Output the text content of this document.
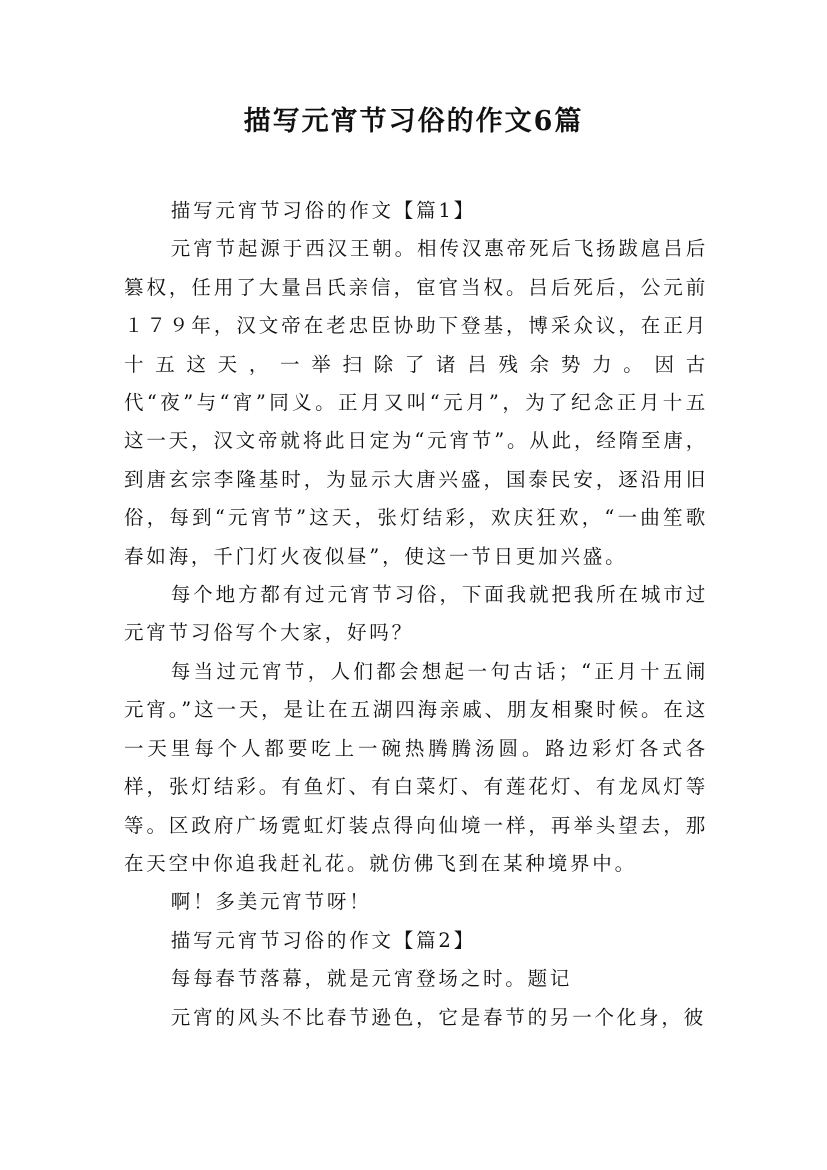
描写元宵节习俗的作文6篇

描写元宵节习俗的作文【篇1】

元宵节起源于西汉王朝。相传汉惠帝死后飞扬跋扈吕后篡权，任用了大量吕氏亲信，宦官当权。吕后死后，公元前１７９年，汉文帝在老忠臣协助下登基，博采众议，在正月十五这天，一举扫除了诸吕残余势力。因古代“夜”与“宵”同义。正月又叫“元月”，为了纪念正月十五这一天，汉文帝就将此日定为“元宵节”。从此，经隋至唐，到唐玄宗李隆基时，为显示大唐兴盛，国泰民安，逐沿用旧俗，每到“元宵节”这天，张灯结彩，欢庆狂欢，“一曲笙歌春如海，千门灯火夜似昼”，使这一节日更加兴盛。

每个地方都有过元宵节习俗，下面我就把我所在城市过元宵节习俗写个大家，好吗？

每当过元宵节，人们都会想起一句古话；“正月十五闹元宵。”这一天，是让在五湖四海亲戚、朋友相聚时候。在这一天里每个人都要吃上一碗热腾腾汤圆。路边彩灯各式各样，张灯结彩。有鱼灯、有白菜灯、有莲花灯、有龙凤灯等等。区政府广场霓虹灯装点得向仙境一样，再举头望去，那在天空中你追我赶礼花。就仿佛飞到在某种境界中。

啊！多美元宵节呀！

描写元宵节习俗的作文【篇2】

每每春节落幕，就是元宵登场之时。题记

元宵的风头不比春节逊色，它是春节的另一个化身，彼
